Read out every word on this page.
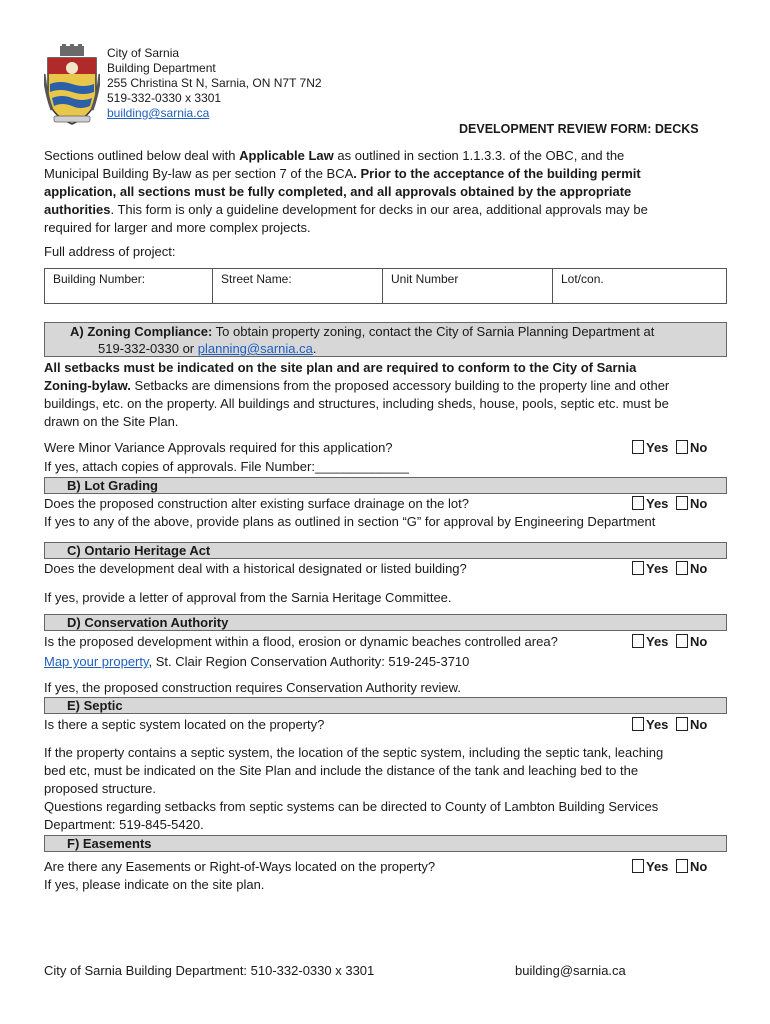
City of Sarnia
Building Department
255 Christina St N, Sarnia, ON N7T 7N2
519-332-0330 x 3301
building@sarnia.ca
DEVELOPMENT REVIEW FORM: DECKS
Sections outlined below deal with Applicable Law as outlined in section 1.1.3.3. of the OBC, and the
Municipal Building By-law as per section 7 of the BCA. Prior to the acceptance of the building permit
application, all sections must be fully completed, and all approvals obtained by the appropriate
authorities. This form is only a guideline development for decks in our area, additional approvals may be
required for larger and more complex projects.
Full address of project:
Building Number:	Street Name:	Unit Number	Lot/con.
A) Zoning Compliance: To obtain property zoning, contact the City of Sarnia Planning Department at
519-332-0330 or planning@sarnia.ca.
All setbacks must be indicated on the site plan and are required to conform to the City of Sarnia
Zoning-bylaw. Setbacks are dimensions from the proposed accessory building to the property line and other
buildings, etc. on the property. All buildings and structures, including sheds, house, pools, septic etc. must be
drawn on the Site Plan.
Were Minor Variance Approvals required for this application?	Yes No
If yes, attach copies of approvals. File Number:_____________
B) Lot Grading
Does the proposed construction alter existing surface drainage on the lot?	Yes No
If yes to any of the above, provide plans as outlined in section “G” for approval by Engineering Department
C) Ontario Heritage Act
Does the development deal with a historical designated or listed building?	Yes No
If yes, provide a letter of approval from the Sarnia Heritage Committee.
D) Conservation Authority
Is the proposed development within a flood, erosion or dynamic beaches controlled area?	Yes No
Map your property, St. Clair Region Conservation Authority: 519-245-3710
If yes, the proposed construction requires Conservation Authority review.
E) Septic
Is there a septic system located on the property?	Yes No
If the property contains a septic system, the location of the septic system, including the septic tank, leaching
bed etc, must be indicated on the Site Plan and include the distance of the tank and leaching bed to the
proposed structure.
Questions regarding setbacks from septic systems can be directed to County of Lambton Building Services
Department: 519-845-5420.
F) Easements
Are there any Easements or Right-of-Ways located on the property?	Yes No
If yes, please indicate on the site plan.
City of Sarnia Building Department: 510-332-0330 x 3301	building@sarnia.ca
